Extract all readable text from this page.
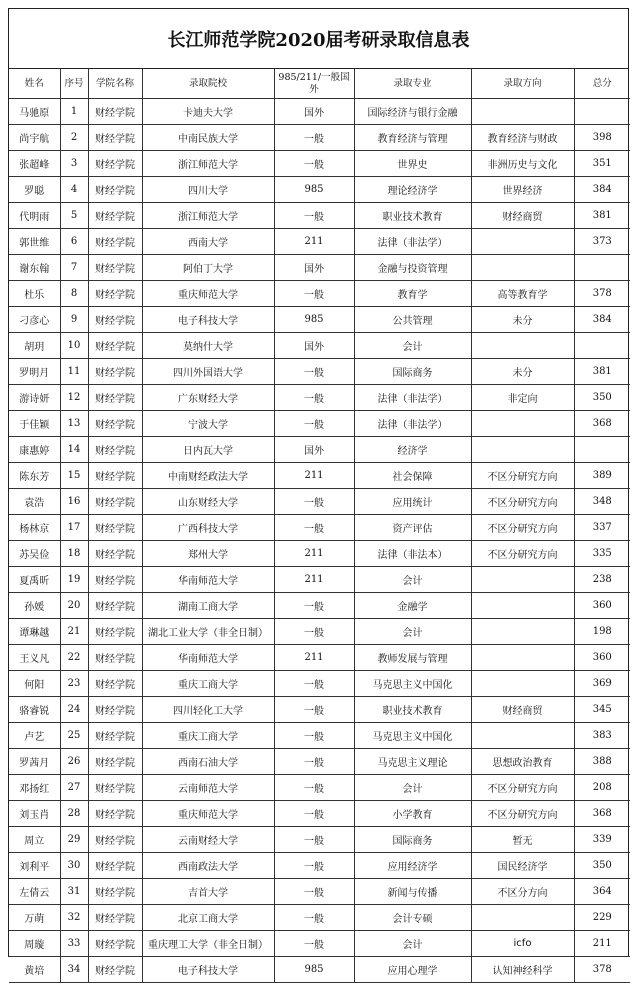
长江师范学院2020届考研录取信息表
姓名	序号	学院名称	录取院校	985/211/一般国外	录取专业	录取方向	总分
马驰原	1	财经学院	卡迪夫大学	国外	国际经济与银行金融		
尚宇航	2	财经学院	中南民族大学	一般	教育经济与管理	教育经济与财政	398
张超峰	3	财经学院	浙江师范大学	一般	世界史	非洲历史与文化	351
罗聪	4	财经学院	四川大学	985	理论经济学	世界经济	384
代明雨	5	财经学院	浙江师范大学	一般	职业技术教育	财经商贸	381
郭世维	6	财经学院	西南大学	211	法律（非法学）		373
谢东翰	7	财经学院	阿伯丁大学	国外	金融与投资管理		
杜乐	8	财经学院	重庆师范大学	一般	教育学	高等教育学	378
刁彦心	9	财经学院	电子科技大学	985	公共管理	未分	384
胡玥	10	财经学院	莫纳什大学	国外	会计		
罗明月	11	财经学院	四川外国语大学	一般	国际商务	未分	381
游诗妍	12	财经学院	广东财经大学	一般	法律（非法学）	非定向	350
于佳颖	13	财经学院	宁波大学	一般	法律（非法学）		368
康惠婷	14	财经学院	日内瓦大学	国外	经济学		
陈东芳	15	财经学院	中南财经政法大学	211	社会保障	不区分研究方向	389
袁浩	16	财经学院	山东财经大学	一般	应用统计	不区分研究方向	348
杨林京	17	财经学院	广西科技大学	一般	资产评估	不区分研究方向	337
苏吴俭	18	财经学院	郑州大学	211	法律（非法本）	不区分研究方向	335
夏禹昕	19	财经学院	华南师范大学	211	会计		238
孙媛	20	财经学院	湖南工商大学	一般	金融学		360
谭琳越	21	财经学院	湖北工业大学（非全日制）	一般	会计		198
王义凡	22	财经学院	华南师范大学	211	教师发展与管理		360
何阳	23	财经学院	重庆工商大学	一般	马克思主义中国化		369
骆睿锐	24	财经学院	四川轻化工大学	一般	职业技术教育	财经商贸	345
卢艺	25	财经学院	重庆工商大学	一般	马克思主义中国化		383
罗茜月	26	财经学院	西南石油大学	一般	马克思主义理论	思想政治教育	388
邓扬红	27	财经学院	云南师范大学	一般	会计	不区分研究方向	208
刘玉肖	28	财经学院	重庆师范大学	一般	小学教育	不区分研究方向	368
周立	29	财经学院	云南财经大学	一般	国际商务	暂无	339
刘利平	30	财经学院	西南政法大学	一般	应用经济学	国民经济学	350
左倩云	31	财经学院	吉首大学	一般	新闻与传播	不区分方向	364
万萌	32	财经学院	北京工商大学	一般	会计专硕		229
周璇	33	财经学院	重庆理工大学（非全日制）	一般	会计	icfo	211
黄培	34	财经学院	电子科技大学	985	应用心理学	认知神经科学	378
